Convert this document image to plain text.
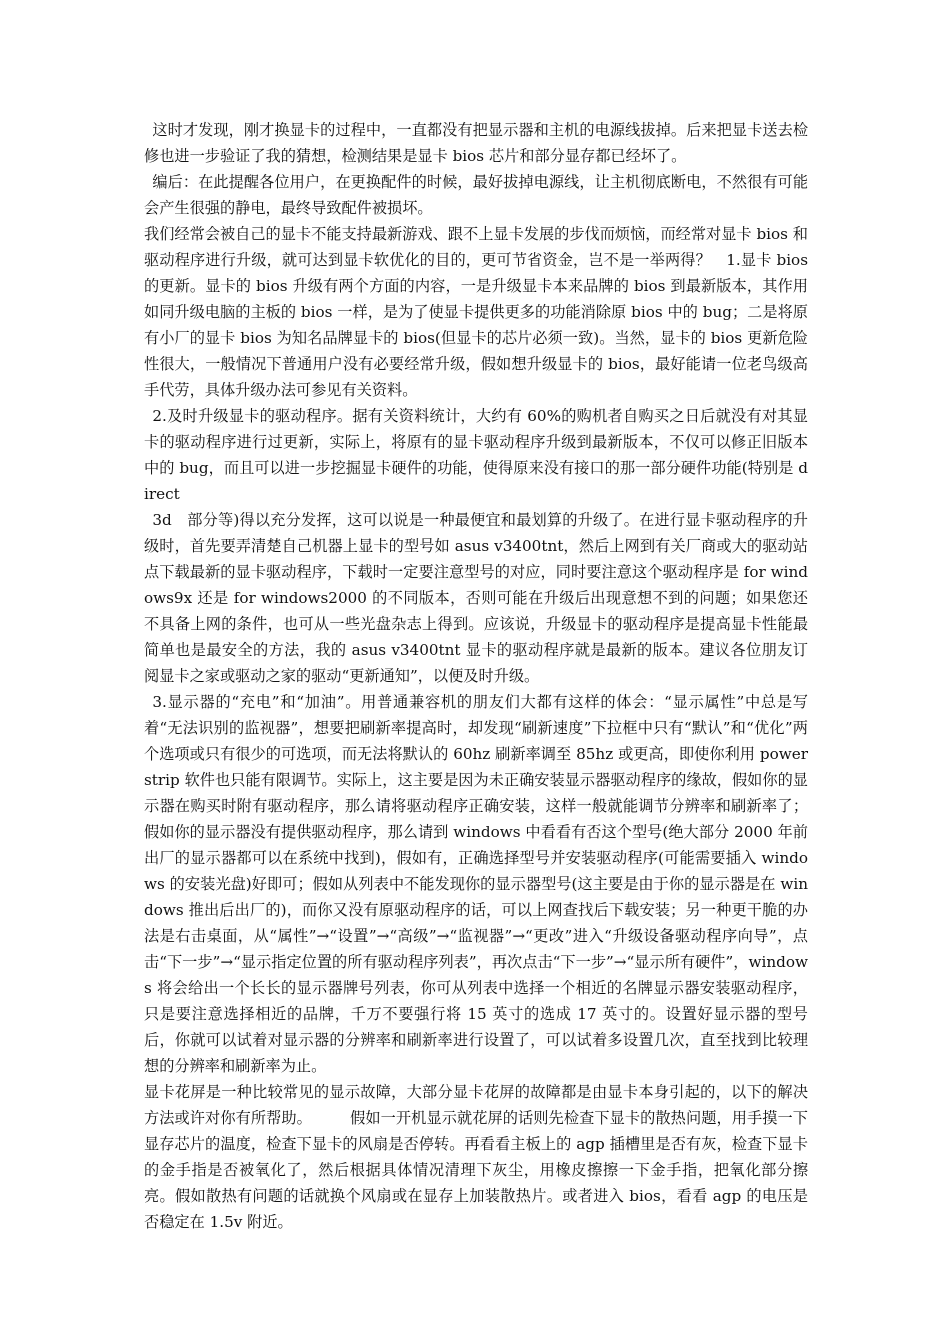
这时才发现，刚才换显卡的过程中，一直都没有把显示器和主机的电源线拔掉。后来把显卡送去检修也进一步验证了我的猜想，检测结果是显卡 bios 芯片和部分显存都已经坏了。

编后：在此提醒各位用户，在更换配件的时候，最好拔掉电源线，让主机彻底断电，不然很有可能会产生很强的静电，最终导致配件被损坏。

我们经常会被自己的显卡不能支持最新游戏、跟不上显卡发展的步伐而烦恼，而经常对显卡 bios 和驱动程序进行升级，就可达到显卡软优化的目的，更可节省资金，岂不是一举两得？　1.显卡 bios 的更新。显卡的 bios 升级有两个方面的内容，一是升级显卡本来品牌的 bios 到最新版本，其作用如同升级电脑的主板的 bios 一样，是为了使显卡提供更多的功能消除原 bios 中的 bug；二是将原有小厂的显卡 bios 为知名品牌显卡的 bios(但显卡的芯片必须一致)。当然，显卡的 bios 更新危险性很大，一般情况下普通用户没有必要经常升级，假如想升级显卡的 bios，最好能请一位老鸟级高手代劳，具体升级办法可参见有关资料。

2.及时升级显卡的驱动程序。据有关资料统计，大约有 60%的购机者自购买之日后就没有对其显卡的驱动程序进行过更新，实际上，将原有的显卡驱动程序升级到最新版本，不仅可以修正旧版本中的 bug，而且可以进一步挖掘显卡硬件的功能，使得原来没有接口的那一部分硬件功能(特别是 direct

3d　部分等)得以充分发挥，这可以说是一种最便宜和最划算的升级了。在进行显卡驱动程序的升级时，首先要弄清楚自己机器上显卡的型号如 asus v3400tnt，然后上网到有关厂商或大的驱动站点下载最新的显卡驱动程序，下载时一定要注意型号的对应，同时要注意这个驱动程序是 for windows9x 还是 for windows2000 的不同版本，否则可能在升级后出现意想不到的问题；如果您还不具备上网的条件，也可从一些光盘杂志上得到。应该说，升级显卡的驱动程序是提高显卡性能最简单也是最安全的方法，我的 asus v3400tnt 显卡的驱动程序就是最新的版本。建议各位朋友订阅显卡之家或驱动之家的驱动“更新通知”，以便及时升级。

3.显示器的“充电”和“加油”。用普通兼容机的朋友们大都有这样的体会：“显示属性”中总是写着“无法识别的监视器”，想要把刷新率提高时，却发现“刷新速度”下拉框中只有“默认”和“优化”两个选项或只有很少的可选项，而无法将默认的 60hz 刷新率调至 85hz 或更高，即使你利用 powerstrip 软件也只能有限调节。实际上，这主要是因为未正确安装显示器驱动程序的缘故，假如你的显示器在购买时附有驱动程序，那么请将驱动程序正确安装，这样一般就能调节分辨率和刷新率了；假如你的显示器没有提供驱动程序，那么请到 windows 中看看有否这个型号(绝大部分 2000 年前出厂的显示器都可以在系统中找到)，假如有，正确选择型号并安装驱动程序(可能需要插入 windows 的安装光盘)好即可；假如从列表中不能发现你的显示器型号(这主要是由于你的显示器是在 windows 推出后出厂的)，而你又没有原驱动程序的话，可以上网查找后下载安装；另一种更干脆的办法是右击桌面，从“属性”→“设置”→“高级”→“监视器”→“更改”进入“升级设备驱动程序向导”，点击“下一步”→“显示指定位置的所有驱动程序列表”，再次点击“下一步”→“显示所有硬件”，windows 将会给出一个长长的显示器牌号列表，你可从列表中选择一个相近的名牌显示器安装驱动程序，只是要注意选择相近的品牌，千万不要强行将 15 英寸的选成 17 英寸的。设置好显示器的型号后，你就可以试着对显示器的分辨率和刷新率进行设置了，可以试着多设置几次，直至找到比较理想的分辨率和刷新率为止。

显卡花屏是一种比较常见的显示故障，大部分显卡花屏的故障都是由显卡本身引起的，以下的解决方法或许对你有所帮助。　　　假如一开机显示就花屏的话则先检查下显卡的散热问题，用手摸一下显存芯片的温度，检查下显卡的风扇是否停转。再看看主板上的 agp 插槽里是否有灰，检查下显卡的金手指是否被氧化了，然后根据具体情况清理下灰尘，用橡皮擦擦一下金手指，把氧化部分擦亮。假如散热有问题的话就换个风扇或在显存上加装散热片。或者进入 bios，看看 agp 的电压是否稳定在 1.5v 附近。
